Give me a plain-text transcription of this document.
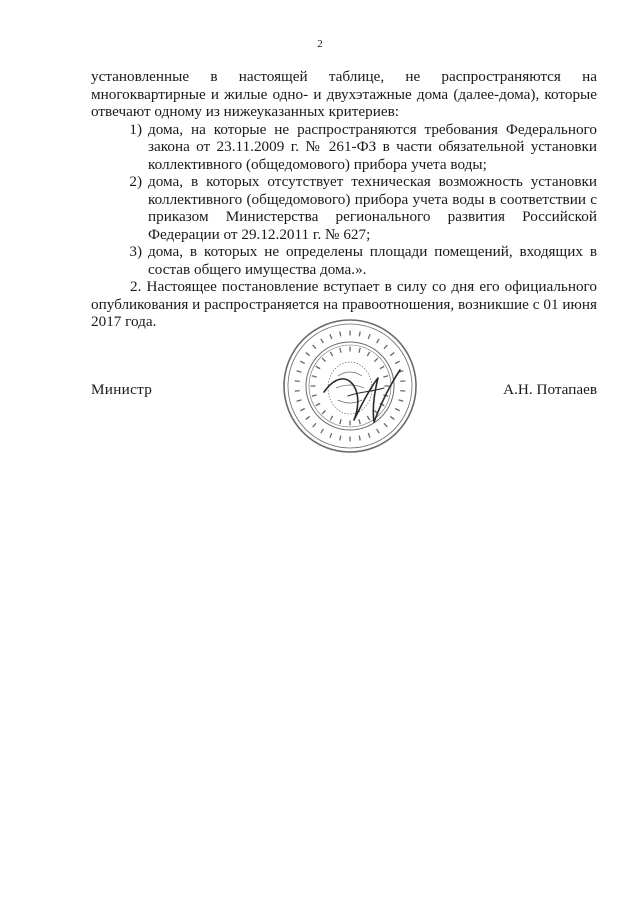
2

установленные в настоящей таблице, не распространяются на многоквартирные и жилые одно- и двухэтажные дома (далее-дома), которые отвечают одному из нижеуказанных критериев:

1) дома, на которые не распространяются требования Федерального закона от 23.11.2009 г. № 261-ФЗ в части обязательной установки коллективного (общедомового) прибора учета воды;
2) дома, в которых отсутствует техническая возможность установки коллективного (общедомового) прибора учета воды в соответствии с приказом Министерства регионального развития Российской Федерации от 29.12.2011 г. № 627;
3) дома, в которых не определены площади помещений, входящих в состав общего имущества дома.».

2. Настоящее постановление вступает в силу со дня его официального опубликования и распространяется на правоотношения, возникшие с 01 июня 2017 года.

Министр	А.Н. Потапаев
